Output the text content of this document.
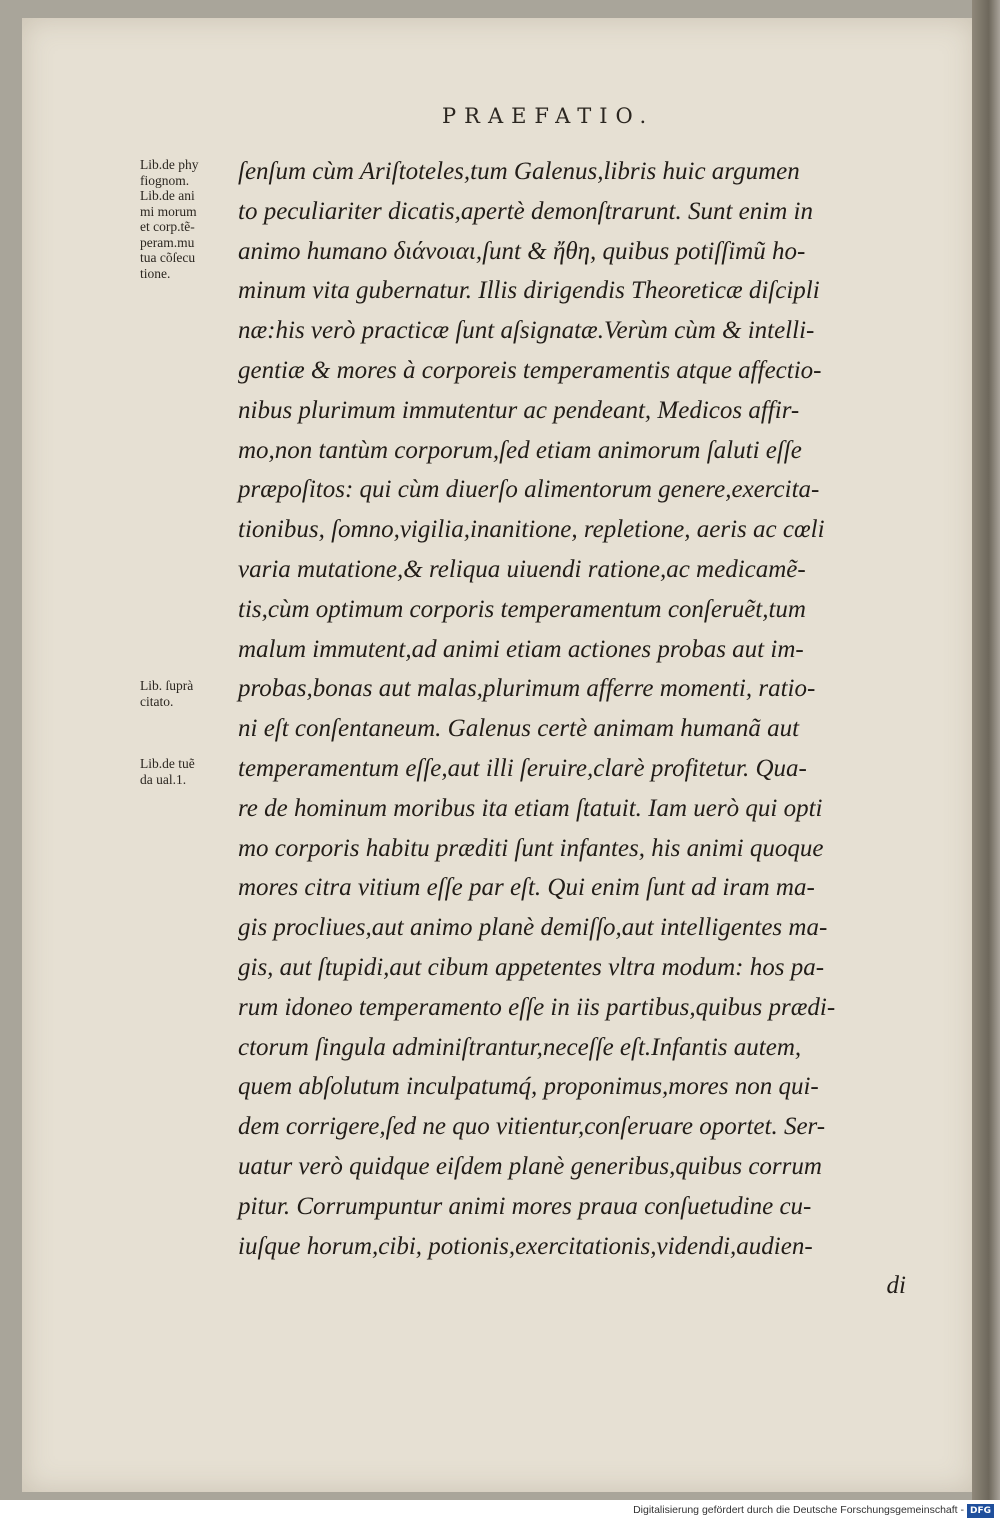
PRAEFATIO.
Lib.de phy
fiognom.
Lib.de ani
mi morum
et corp.tẽ-
peram.mu
tua cõſecu
tione.
Lib. ſuprà
citato.
Lib.de tuẽ
da ual.1.
ſenſum cùm Ariſtoteles,tum Galenus,libris huic argumen
to peculiariter dicatis,apertè demonſtrarunt. Sunt enim in
animo humano διάνοιαι,ſunt & ἤθη, quibus potiſſimũ ho-
minum vita gubernatur. Illis dirigendis Theoreticæ diſcipli
næ:his verò practicæ ſunt aſsignatæ.Verùm cùm & intelli-
gentiæ & mores à corporeis temperamentis atque affectio-
nibus plurimum immutentur ac pendeant, Medicos affir-
mo,non tantùm corporum,ſed etiam animorum ſaluti eſſe
præpoſitos: qui cùm diuerſo alimentorum genere,exercita-
tionibus, ſomno,vigilia,inanitione, repletione, aeris ac cœli
varia mutatione,& reliqua uiuendi ratione,ac medicamẽ-
tis,cùm optimum corporis temperamentum conſeruẽt,tum
malum immutent,ad animi etiam actiones probas aut im-
probas,bonas aut malas,plurimum afferre momenti, ratio-
ni eſt conſentaneum. Galenus certè animam humanã aut
temperamentum eſſe,aut illi ſeruire,clarè profitetur. Qua-
re de hominum moribus ita etiam ſtatuit. Iam uerò qui opti
mo corporis habitu præditi ſunt infantes, his animi quoque
mores citra vitium eſſe par eſt. Qui enim ſunt ad iram ma-
gis procliues,aut animo planè demiſſo,aut intelligentes ma-
gis, aut ſtupidi,aut cibum appetentes vltra modum: hos pa-
rum idoneo temperamento eſſe in iis partibus,quibus prædi-
ctorum ſingula adminiſtrantur,neceſſe eſt.Infantis autem,
quem abſolutum inculpatumq́, proponimus,mores non qui-
dem corrigere,ſed ne quo vitientur,conſeruare oportet. Ser-
uatur verò quidque eiſdem planè generibus,quibus corrum
pitur. Corrumpuntur animi mores praua conſuetudine cu-
iuſque horum,cibi, potionis,exercitationis,videndi,audien-
di
Digitalisierung gefördert durch die Deutsche Forschungsgemeinschaft - DFG
